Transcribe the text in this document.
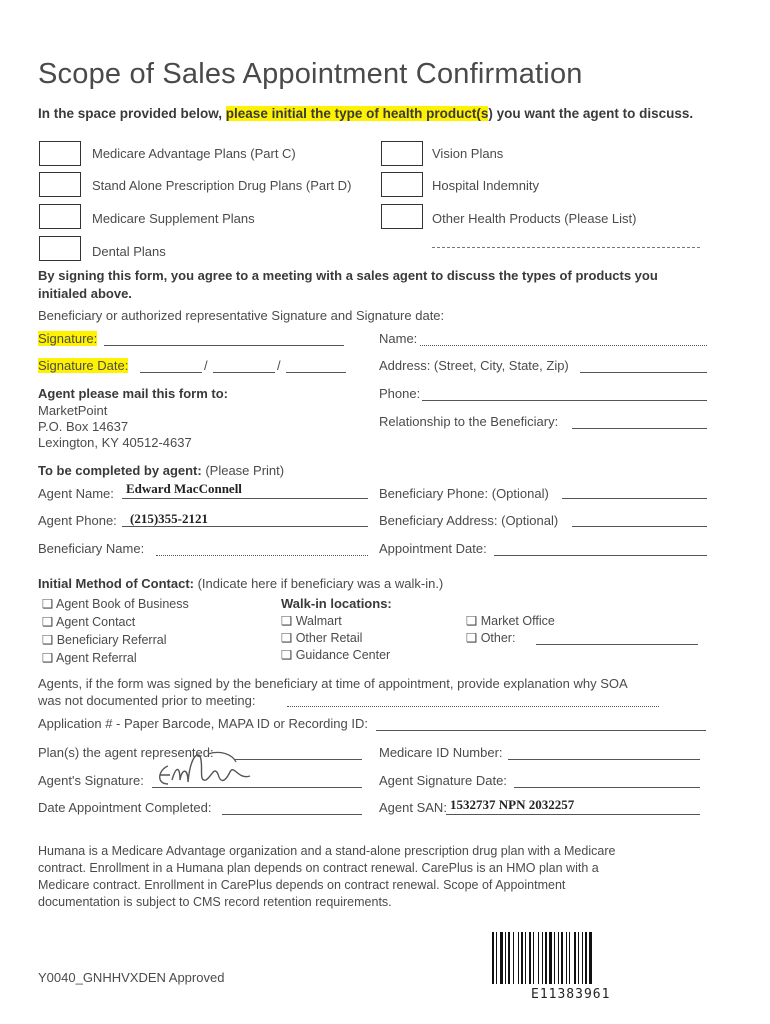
Scope of Sales Appointment Confirmation
In the space provided below, please initial the type of health product(s) you want the agent to discuss.
Medicare Advantage Plans (Part C)
Stand Alone Prescription Drug Plans (Part D)
Medicare Supplement Plans
Dental Plans
Vision Plans
Hospital Indemnity
Other Health Products (Please List)
By signing this form, you agree to a meeting with a sales agent to discuss the types of products you
initialed above.
Beneficiary or authorized representative Signature and Signature date:
Signature:	Name:
Signature Date:	/	/	Address: (Street, City, State, Zip)
Agent please mail this form to:
MarketPoint
P.O. Box 14637
Lexington, KY 40512-4637
Phone:
Relationship to the Beneficiary:
To be completed by agent: (Please Print)
Agent Name: Edward MacConnell	Beneficiary Phone: (Optional)
Agent Phone: (215)355-2121	Beneficiary Address: (Optional)
Beneficiary Name:	Appointment Date:
Initial Method of Contact: (Indicate here if beneficiary was a walk-in.)
❑ Agent Book of Business
❑ Agent Contact
❑ Beneficiary Referral
❑ Agent Referral
Walk-in locations:
❑ Walmart
❑ Other Retail
❑ Guidance Center
❑ Market Office
❑ Other:
Agents, if the form was signed by the beneficiary at time of appointment, provide explanation why SOA
was not documented prior to meeting:
Application # - Paper Barcode, MAPA ID or Recording ID:
Plan(s) the agent represented:	Medicare ID Number:
Agent's Signature:	Agent Signature Date:
Date Appointment Completed:	Agent SAN: 1532737 NPN 2032257
Humana is a Medicare Advantage organization and a stand-alone prescription drug plan with a Medicare
contract. Enrollment in a Humana plan depends on contract renewal. CarePlus is an HMO plan with a
Medicare contract. Enrollment in CarePlus depends on contract renewal. Scope of Appointment
documentation is subject to CMS record retention requirements.
Y0040_GNHHVXDEN Approved
E11383961
